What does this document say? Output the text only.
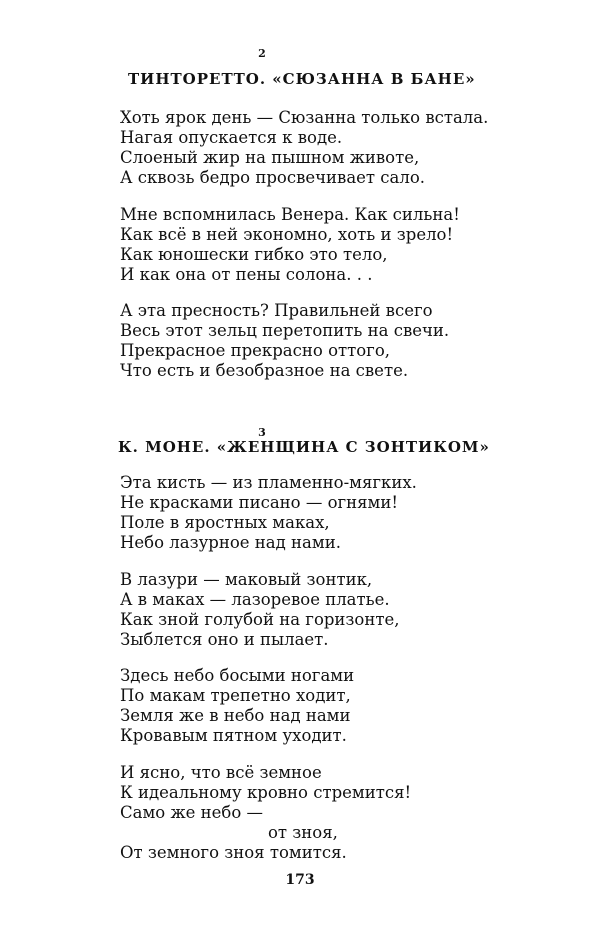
2
ТИНТОРЕТТО. «СЮЗАННА В БАНЕ»
Хоть ярок день — Сюзанна только встала.
Нагая опускается к воде.
Слоеный жир на пышном животе,
А сквозь бедро просвечивает сало.
Мне вспомнилась Венера. Как сильна!
Как всё в ней экономно, хоть и зрело!
Как юношески гибко это тело,
И как она от пены солона. . .
А эта пресность? Правильней всего
Весь этот зельц перетопить на свечи.
Прекрасное прекрасно оттого,
Что есть и безобразное на свете.
3
К. МОНЕ. «ЖЕНЩИНА С ЗОНТИКОМ»
Эта кисть — из пламенно-мягких.
Не красками писано — огнями!
Поле в яростных маках,
Небо лазурное над нами.
В лазури — маковый зонтик,
А в маках — лазоревое платье.
Как зной голубой на горизонте,
Зыблется оно и пылает.
Здесь небо босыми ногами
По макам трепетно ходит,
Земля же в небо над нами
Кровавым пятном уходит.
И ясно, что всё земное
К идеальному кровно стремится!
Само же небо —
от зноя,
От земного зноя томится.
173
